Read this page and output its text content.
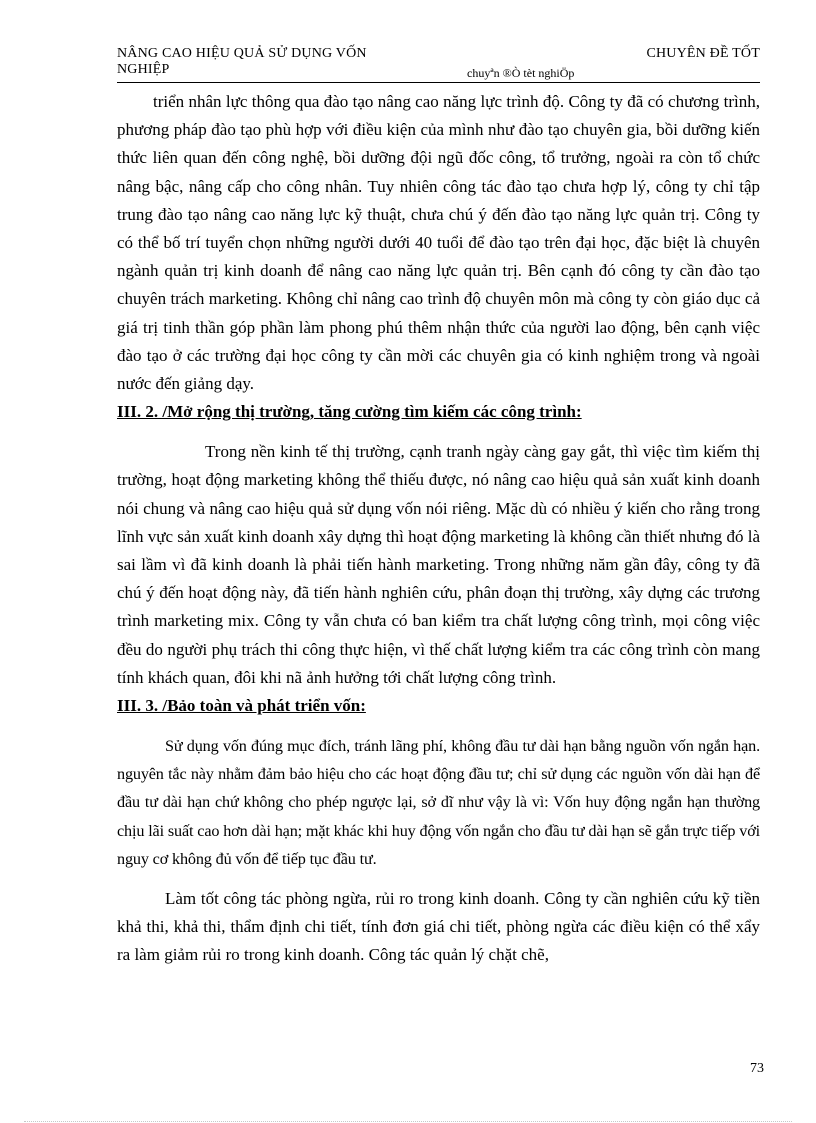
NÂNG CAO HIỆU QUẢ SỬ DỤNG VỐN
NGHIỆP
CHUYÊN ĐỀ TỐT
chuyªn ®Ò tèt nghiÖp

triển nhân lực thông qua đào tạo nâng cao năng lực trình độ. Công ty đã có chương trình, phương pháp đào tạo phù hợp với điều kiện của mình như đào tạo chuyên gia, bồi dưỡng kiến thức liên quan đến công nghệ, bồi dưỡng đội ngũ đốc công, tổ trưởng, ngoài ra còn tổ chức nâng bậc, nâng cấp cho công nhân. Tuy nhiên công tác đào tạo chưa hợp lý, công ty chỉ tập trung đào tạo nâng cao năng lực kỹ thuật, chưa chú ý đến đào tạo năng lực quản trị. Công ty có thể bố trí tuyển chọn những người dưới 40 tuổi để đào tạo trên đại học, đặc biệt là chuyên ngành quản trị kinh doanh để nâng cao năng lực quản trị. Bên cạnh đó công ty cần đào tạo chuyên trách marketing. Không chỉ nâng cao trình độ chuyên môn mà công ty còn giáo dục cả giá trị tinh thần góp phần làm phong phú thêm nhận thức của người lao động, bên cạnh việc đào tạo ở các trường đại học công ty cần mời các chuyên gia có kinh nghiệm trong và ngoài nước đến giảng dạy.

III. 2. /Mở rộng thị trường, tăng cường tìm kiếm các công trình:

Trong nền kinh tế thị trường, cạnh tranh ngày càng gay gắt, thì việc tìm kiếm thị trường, hoạt động marketing không thể thiếu được, nó nâng cao hiệu quả sản xuất kinh doanh nói chung và nâng cao hiệu quả sử dụng vốn nói riêng. Mặc dù có nhiều ý kiến cho rằng trong lĩnh vực sản xuất kinh doanh xây dựng thì hoạt động marketing là không cần thiết nhưng đó là sai lầm vì đã kinh doanh là phải tiến hành marketing. Trong những năm gần đây, công ty đã chú ý đến hoạt động này, đã tiến hành nghiên cứu, phân đoạn thị trường, xây dựng các trương trình marketing mix. Công ty vẫn chưa có ban kiểm tra chất lượng công trình, mọi công việc đều do người phụ trách thi công thực hiện, vì thế chất lượng kiểm tra các công trình còn mang tính khách quan, đôi khi nã ảnh hưởng tới chất lượng công trình.

III. 3. /Bảo toàn và phát triển vốn:

Sử dụng vốn đúng mục đích, tránh lãng phí, không đầu tư dài hạn bằng nguồn vốn ngắn hạn. nguyên tắc này nhằm đảm bảo hiệu cho các hoạt động đầu tư; chỉ sử dụng các nguồn vốn dài hạn để đầu tư dài hạn chứ không cho phép ngược lại, sở dĩ như vậy là vì: Vốn huy động ngắn hạn thường chịu lãi suất cao hơn dài hạn; mặt khác khi huy động vốn ngắn cho đầu tư dài hạn sẽ gắn trực tiếp với nguy cơ không đủ vốn để tiếp tục đầu tư.

Làm tốt công tác phòng ngừa, rủi ro trong kinh doanh. Công ty cần nghiên cứu kỹ tiền khả thi, khả thi, thẩm định chi tiết, tính đơn giá chi tiết, phòng ngừa các điều kiện có thể xẩy ra làm giảm rủi ro trong kinh doanh. Công tác quản lý chặt chẽ,

73
